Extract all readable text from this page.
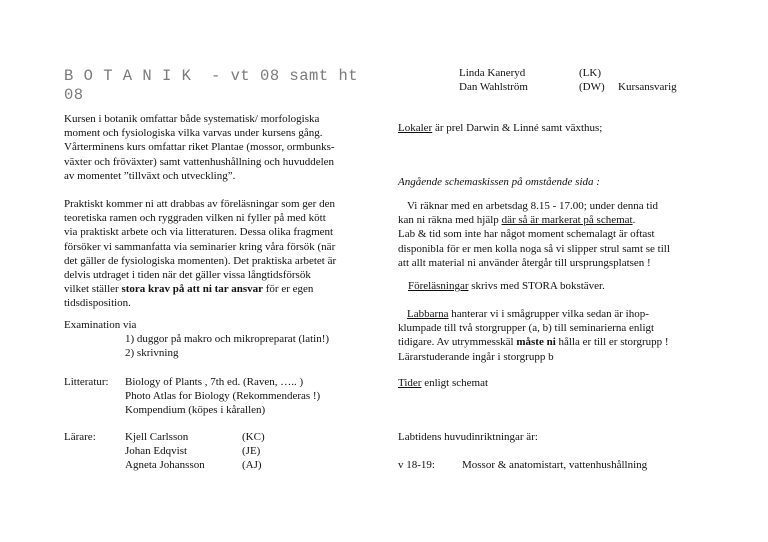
B O T A N I K  - vt 08 samt ht 08

Kursen i botanik omfattar både systematisk/ morfologiska

moment och fysiologiska vilka varvas under kursens gång.

Vårterminens kurs omfattar riket Plantae (mossor, ormbunks-

växter och fröväxter) samt vattenhushållning och huvuddelen

av momentet ”tillväxt och utveckling”.

Praktiskt kommer ni att drabbas av föreläsningar som ger den

teoretiska ramen och ryggraden vilken ni fyller på med kött

via praktiskt arbete och via litteraturen. Dessa olika fragment

försöker vi sammanfatta via seminarier kring våra försök (när

det gäller de fysiologiska momenten). Det praktiska arbetet är

delvis utdraget i tiden när det gäller vissa långtidsförsök

vilket ställer stora krav på att ni tar ansvar för er egen

tidsdisposition.

Examination via
1) duggor på makro och mikropreparat (latin!)
2) skrivning
Litteratur: Biology of Plants , 7th ed. (Raven, ….. )
Photo Atlas for Biology (Rekommenderas !)
Kompendium (köpes i kårallen)
Lärare:	Kjell Carlsson	(KC)
Johan Edqvist	(JE)
Agneta Johansson	(AJ)
Linda Kaneryd	(LK)
Dan Wahlström	(DW) Kursansvarig
Lokaler är prel Darwin & Linné samt växthus;
Angående schemaskissen på omstående sida :

Vi räknar med en arbetsdag 8.15 - 17.00; under denna tid

kan ni räkna med hjälp där så är markerat på schemat.

Lab & tid som inte har något moment schemalagt är oftast

disponibla för er men kolla noga så vi slipper strul samt se till

att allt material ni använder återgår till ursprungsplatsen !

Föreläsningar skrivs med STORA bokstäver.

Labbarna hanterar vi i smågrupper vilka sedan är ihop-

klumpade till två storgrupper (a, b) till seminarierna enligt

tidigare. Av utrymmesskäl måste ni hålla er till er storgrupp !

Lärarstuderande ingår i storgrupp b

Tider enligt schemat
Labtidens huvudinriktningar är:
v 18-19: Mossor & anatomistart, vattenhushållning
